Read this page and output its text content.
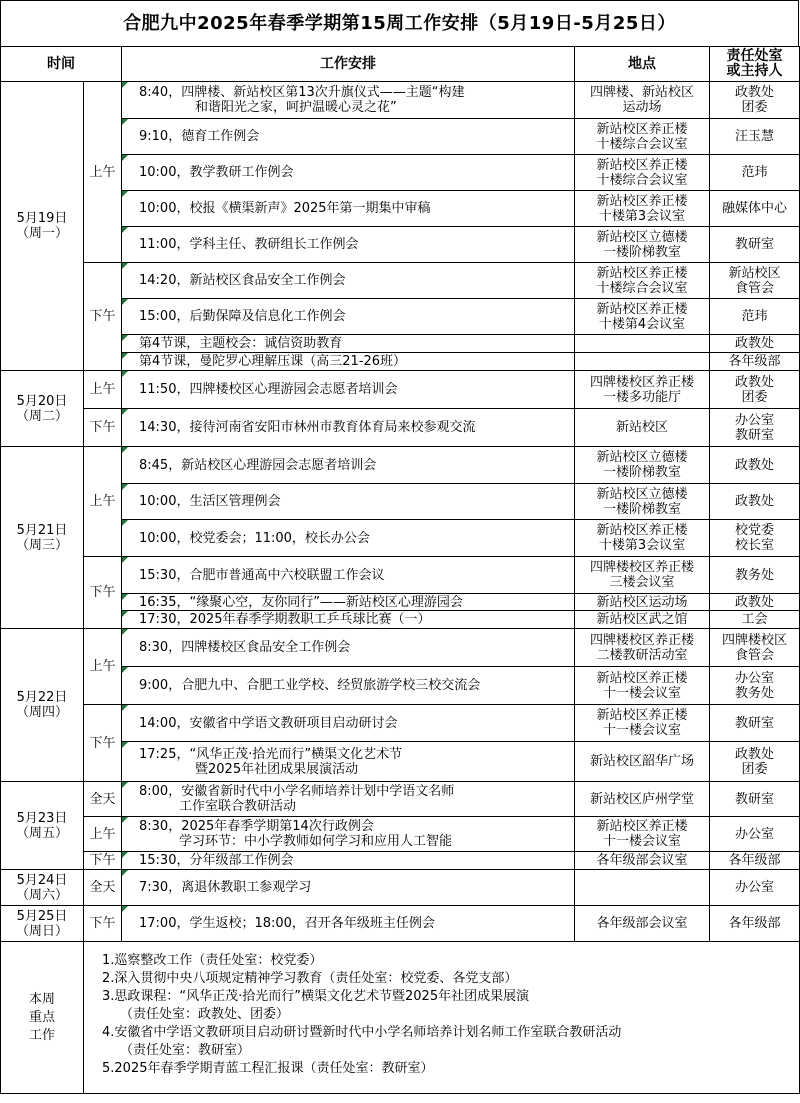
合肥九中2025年春季学期第15周工作安排（5月19日-5月25日）
时间		工作安排	地点	责任处室
或主持人

5月19日
（周一）	上午	8:40，四牌楼、新站校区第13次升旗仪式——主题“构建
和谐阳光之家，呵护温暖心灵之花”	四牌楼、新站校区
运动场	政教处
团委

		9:10，德育工作例会	新站校区养正楼
十楼综合会议室	汪玉慧

		10:00，教学教研工作例会	新站校区养正楼
十楼综合会议室	范玮

		10:00，校报《横渠新声》2025年第一期集中审稿	新站校区养正楼
十楼第3会议室	融媒体中心

		11:00，学科主任、教研组长工作例会	新站校区立德楼
一楼阶梯教室	教研室

	下午	14:20，新站校区食品安全工作例会	新站校区养正楼
十楼综合会议室	新站校区
食管会

		15:00，后勤保障及信息化工作例会	新站校区养正楼
十楼第4会议室	范玮

		第4节课，主题校会：诚信资助教育		政教处

		第4节课，曼陀罗心理解压课（高三21-26班）		各年级部

5月20日
（周二）	上午	11:50，四牌楼校区心理游园会志愿者培训会	四牌楼校区养正楼
一楼多功能厅	政教处
团委

	下午	14:30，接待河南省安阳市林州市教育体育局来校参观交流	新站校区	办公室
教研室

5月21日
（周三）	上午	8:45，新站校区心理游园会志愿者培训会	新站校区立德楼
一楼阶梯教室	政教处

		10:00，生活区管理例会	新站校区立德楼
一楼阶梯教室	政教处

		10:00，校党委会；11:00，校长办公会	新站校区养正楼
十楼第3会议室	校党委
校长室

	下午	15:30，合肥市普通高中六校联盟工作会议	四牌楼校区养正楼
三楼会议室	教务处

		16:35，“缘聚心空，友你同行”——新站校区心理游园会	新站校区运动场	政教处

		17:30，2025年春季学期教职工乒乓球比赛（一）	新站校区武之馆	工会

5月22日
（周四）	上午	8:30，四牌楼校区食品安全工作例会	四牌楼校区养正楼
二楼教研活动室	四牌楼校区
食管会

		9:00，合肥九中、合肥工业学校、经贸旅游学校三校交流会	新站校区养正楼
十一楼会议室	办公室
教务处

	下午	14:00，安徽省中学语文教研项目启动研讨会	新站校区养正楼
十一楼会议室	教研室

		17:25，“风华正茂·拾光而行”横渠文化艺术节
暨2025年社团成果展演活动	新站校区韶华广场	政教处
团委

5月23日
（周五）	全天	8:00，安徽省新时代中小学名师培养计划中学语文名师
工作室联合教研活动	新站校区庐州学堂	教研室

	上午	8:30，2025年春季学期第14次行政例会
学习环节：中小学教师如何学习和应用人工智能	新站校区养正楼
十一楼会议室	办公室

	下午	15:30，分年级部工作例会	各年级部会议室	各年级部

5月24日
（周六）	全天	7:30，离退休教职工参观学习		办公室

5月25日
（周日）	下午	17:00，学生返校；18:00，召开各年级班主任例会	各年级部会议室	各年级部
本周
重点
工作

1.巡察整改工作（责任处室：校党委）
2.深入贯彻中央八项规定精神学习教育（责任处室：校党委、各党支部）
3.思政课程：“风华正茂·拾光而行”横渠文化艺术节暨2025年社团成果展演
（责任处室：政教处、团委）
4.安徽省中学语文教研项目启动研讨暨新时代中小学名师培养计划名师工作室联合教研活动
（责任处室：教研室）
5.2025年春季学期青蓝工程汇报课（责任处室：教研室）
